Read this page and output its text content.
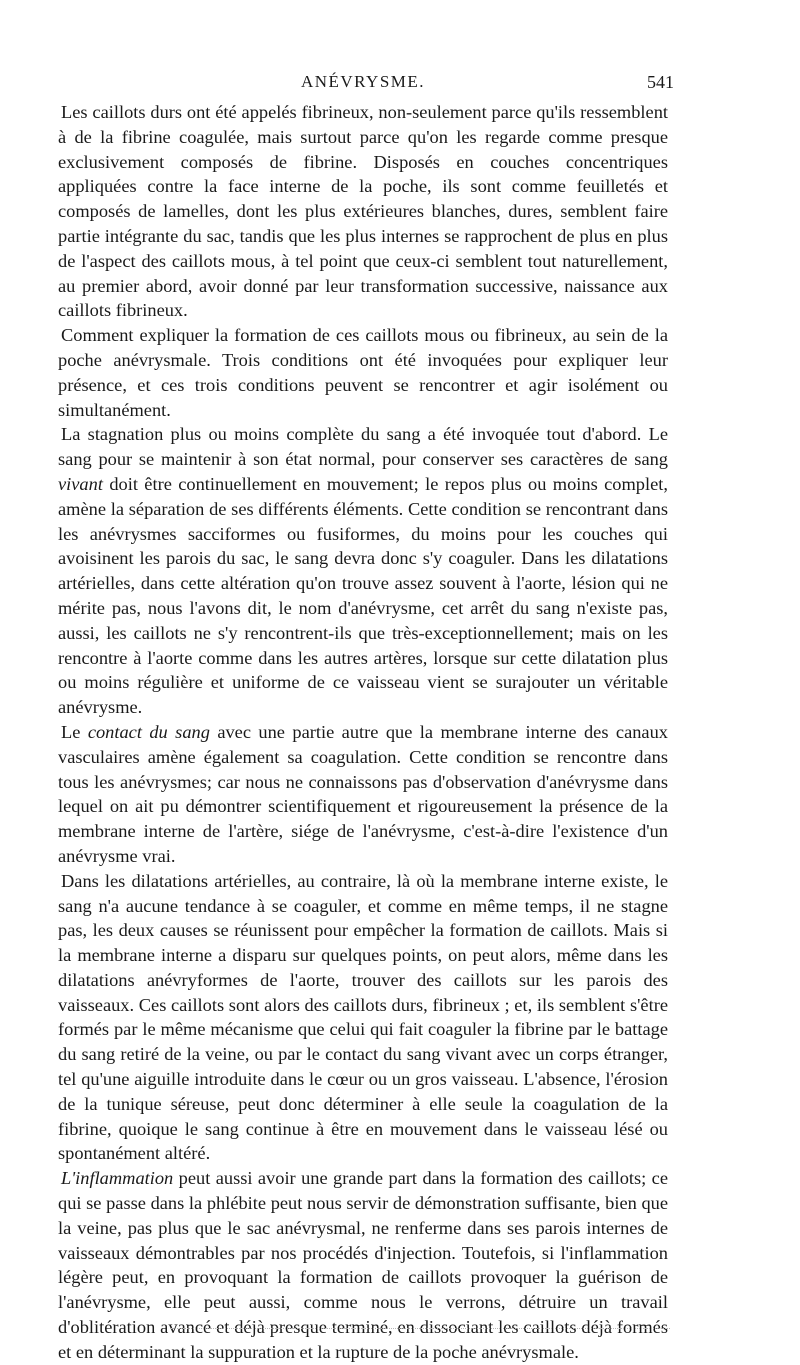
ANÉVRYSME.	541

Les caillots durs ont été appelés fibrineux, non-seulement parce qu'ils ressemblent à de la fibrine coagulée, mais surtout parce qu'on les regarde comme presque exclusivement composés de fibrine. Disposés en couches concentriques appliquées contre la face interne de la poche, ils sont comme feuilletés et composés de lamelles, dont les plus extérieures blanches, dures, semblent faire partie intégrante du sac, tandis que les plus internes se rapprochent de plus en plus de l'aspect des caillots mous, à tel point que ceux-ci semblent tout naturellement, au premier abord, avoir donné par leur transformation successive, naissance aux caillots fibrineux.

Comment expliquer la formation de ces caillots mous ou fibrineux, au sein de la poche anévrysmale. Trois conditions ont été invoquées pour expliquer leur présence, et ces trois conditions peuvent se rencontrer et agir isolément ou simultanément.

La stagnation plus ou moins complète du sang a été invoquée tout d'abord. Le sang pour se maintenir à son état normal, pour conserver ses caractères de sang vivant doit être continuellement en mouvement; le repos plus ou moins complet, amène la séparation de ses différents éléments. Cette condition se rencontrant dans les anévrysmes sacciformes ou fusiformes, du moins pour les couches qui avoisinent les parois du sac, le sang devra donc s'y coaguler. Dans les dilatations artérielles, dans cette altération qu'on trouve assez souvent à l'aorte, lésion qui ne mérite pas, nous l'avons dit, le nom d'anévrysme, cet arrêt du sang n'existe pas, aussi, les caillots ne s'y rencontrent-ils que très-exceptionnellement; mais on les rencontre à l'aorte comme dans les autres artères, lorsque sur cette dilatation plus ou moins régulière et uniforme de ce vaisseau vient se surajouter un véritable anévrysme.

Le contact du sang avec une partie autre que la membrane interne des canaux vasculaires amène également sa coagulation. Cette condition se rencontre dans tous les anévrysmes; car nous ne connaissons pas d'observation d'anévrysme dans lequel on ait pu démontrer scientifiquement et rigoureusement la présence de la membrane interne de l'artère, siége de l'anévrysme, c'est-à-dire l'existence d'un anévrysme vrai.

Dans les dilatations artérielles, au contraire, là où la membrane interne existe, le sang n'a aucune tendance à se coaguler, et comme en même temps, il ne stagne pas, les deux causes se réunissent pour empêcher la formation de caillots. Mais si la membrane interne a disparu sur quelques points, on peut alors, même dans les dilatations anévryformes de l'aorte, trouver des caillots sur les parois des vaisseaux. Ces caillots sont alors des caillots durs, fibrineux ; et, ils semblent s'être formés par le même mécanisme que celui qui fait coaguler la fibrine par le battage du sang retiré de la veine, ou par le contact du sang vivant avec un corps étranger, tel qu'une aiguille introduite dans le cœur ou un gros vaisseau. L'absence, l'érosion de la tunique séreuse, peut donc déterminer à elle seule la coagulation de la fibrine, quoique le sang continue à être en mouvement dans le vaisseau lésé ou spontanément altéré.

L'inflammation peut aussi avoir une grande part dans la formation des caillots; ce qui se passe dans la phlébite peut nous servir de démonstration suffisante, bien que la veine, pas plus que le sac anévrysmal, ne renferme dans ses parois internes de vaisseaux démontrables par nos procédés d'injection. Toutefois, si l'inflammation légère peut, en provoquant la formation de caillots provoquer la guérison de l'anévrysme, elle peut aussi, comme nous le verrons, détruire un travail d'oblitération avancé et déjà presque terminé, en dissociant les caillots déjà formés et en déterminant la suppuration et la rupture de la poche anévrysmale.
